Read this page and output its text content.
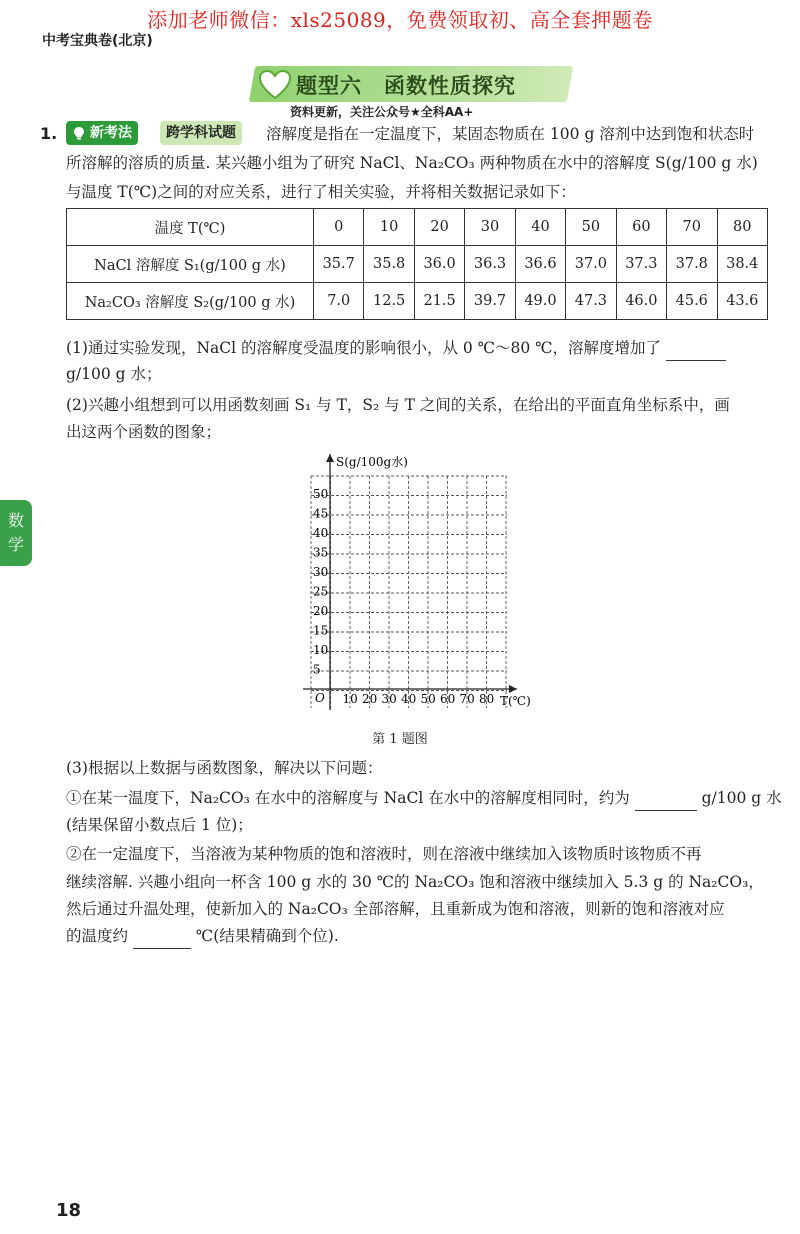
添加老师微信：xls25089，免费领取初、高全套押题卷
中考宝典卷(北京)
题型六　函数性质探究
资料更新，关注公众号★全科AA+
1.	新考法	跨学科试题	溶解度是指在一定温度下，某固态物质在 100 g 溶剂中达到饱和状态时
所溶解的溶质的质量. 某兴趣小组为了研究 NaCl、Na₂CO₃ 两种物质在水中的溶解度 S(g/100 g 水)
与温度 T(℃)之间的对应关系，进行了相关实验，并将相关数据记录如下：
温度 T(℃)	0	10	20	30	40	50	60	70	80
NaCl 溶解度 S₁(g/100 g 水)	35.7	35.8	36.0	36.3	36.6	37.0	37.3	37.8	38.4
Na₂CO₃ 溶解度 S₂(g/100 g 水)	7.0	12.5	21.5	39.7	49.0	47.3	46.0	45.6	43.6
(1)通过实验发现，NaCl 的溶解度受温度的影响很小，从 0 ℃～80 ℃，溶解度增加了
g/100 g 水；
(2)兴趣小组想到可以用函数刻画 S₁ 与 T，S₂ 与 T 之间的关系，在给出的平面直角坐标系中，画
出这两个函数的图象；
S(g/100g水)
T(℃)
O
50
45
40
35
30
25
20
15
10
5
10 20 30 40 50 60 70 80
第 1 题图
(3)根据以上数据与函数图象，解决以下问题：
①在某一温度下，Na₂CO₃ 在水中的溶解度与 NaCl 在水中的溶解度相同时，约为	g/100 g 水
(结果保留小数点后 1 位)；
②在一定温度下，当溶液为某种物质的饱和溶液时，则在溶液中继续加入该物质时该物质不再
继续溶解. 兴趣小组向一杯含 100 g 水的 30 ℃的 Na₂CO₃ 饱和溶液中继续加入 5.3 g 的 Na₂CO₃，
然后通过升温处理，使新加入的 Na₂CO₃ 全部溶解，且重新成为饱和溶液，则新的饱和溶液对应
的温度约	℃(结果精确到个位).
数
学
18
